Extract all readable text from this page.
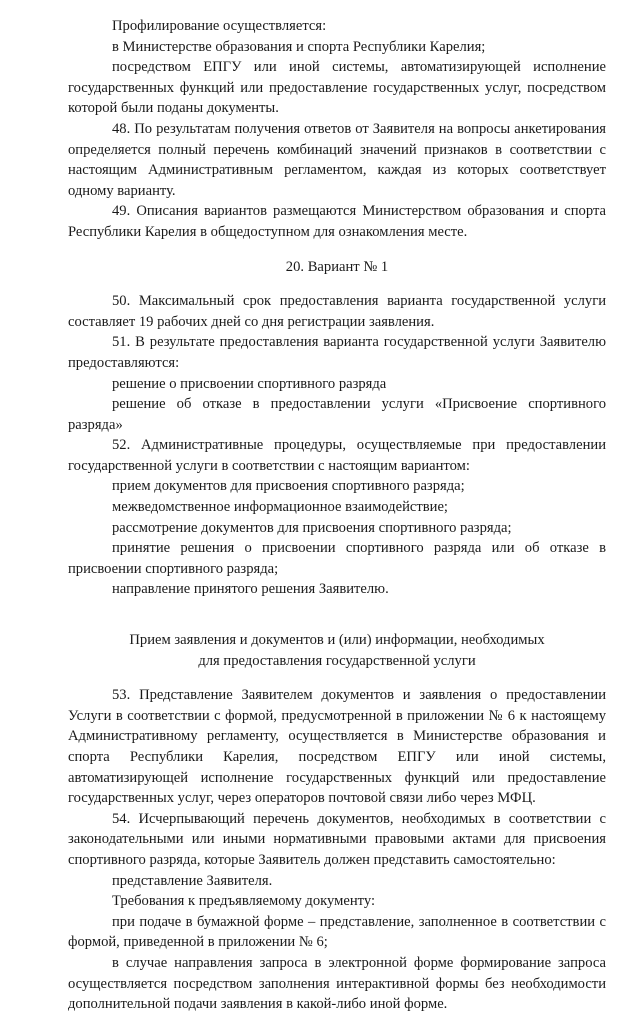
Профилирование осуществляется:

в Министерстве образования и спорта Республики Карелия;

посредством ЕПГУ или иной системы, автоматизирующей исполнение государственных функций или предоставление государственных услуг, посредством которой были поданы документы.

48. По результатам получения ответов от Заявителя на вопросы анкетирования определяется полный перечень комбинаций значений признаков в соответствии с настоящим Административным регламентом, каждая из которых соответствует одному варианту.

49. Описания вариантов размещаются Министерством образования и спорта Республики Карелия в общедоступном для ознакомления месте.

20. Вариант № 1

50. Максимальный срок предоставления варианта государственной услуги составляет 19 рабочих дней со дня регистрации заявления.

51. В результате предоставления варианта государственной услуги Заявителю предоставляются:

решение о присвоении спортивного разряда

решение об отказе в предоставлении услуги «Присвоение спортивного разряда»

52. Административные процедуры, осуществляемые при предоставлении государственной услуги в соответствии с настоящим вариантом:

прием документов для присвоения спортивного разряда;

межведомственное информационное взаимодействие;

рассмотрение документов для присвоения спортивного разряда;

принятие решения о присвоении спортивного разряда или об отказе в присвоении спортивного разряда;

направление принятого решения Заявителю.

Прием заявления и документов и (или) информации, необходимых

для предоставления государственной услуги

53. Представление Заявителем документов и заявления о предоставлении Услуги в соответствии с формой, предусмотренной в приложении № 6 к настоящему Административному регламенту, осуществляется в Министерстве образования и спорта Республики Карелия, посредством ЕПГУ или иной системы, автоматизирующей исполнение государственных функций или предоставление государственных услуг, через операторов почтовой связи либо через МФЦ.

54. Исчерпывающий перечень документов, необходимых в соответствии с законодательными или иными нормативными правовыми актами для присвоения спортивного разряда, которые Заявитель должен представить самостоятельно:

представление Заявителя.

Требования к предъявляемому документу:

при подаче в бумажной форме – представление, заполненное в соответствии с формой, приведенной в приложении № 6;

в случае направления запроса в электронной форме формирование запроса осуществляется посредством заполнения интерактивной формы без необходимости дополнительной подачи заявления в какой-либо иной форме.
